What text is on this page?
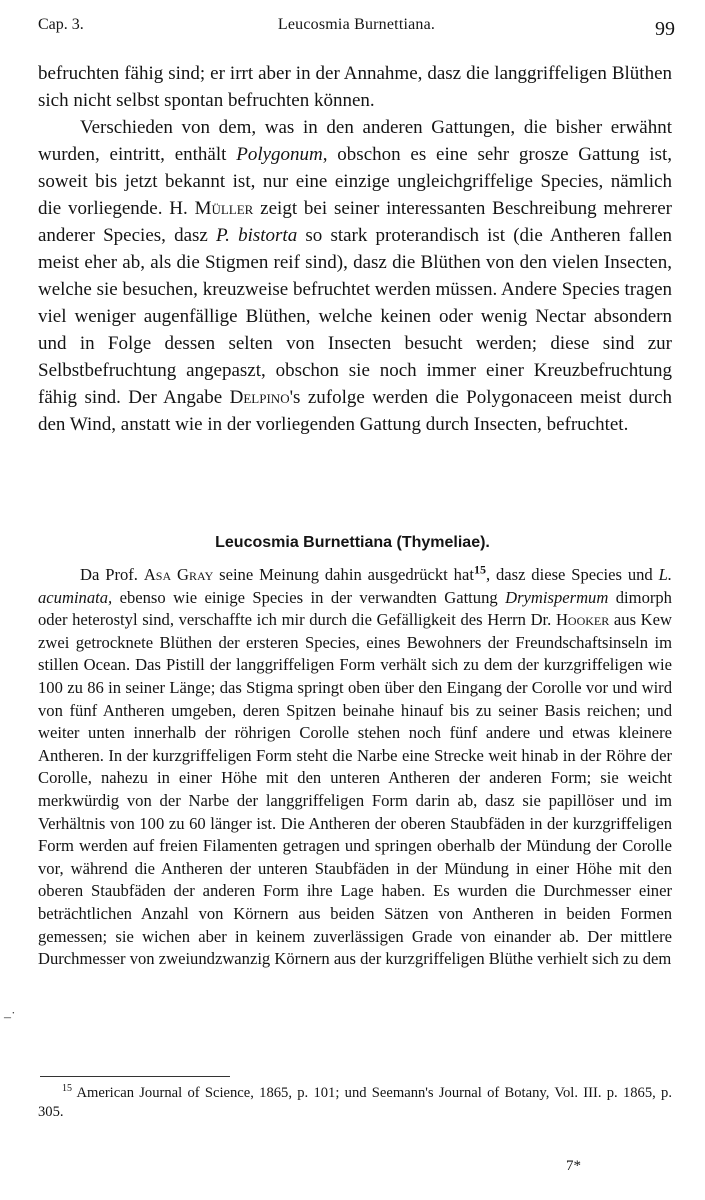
Cap. 3.	Leucosmia Burnettiana.	99

befruchten fähig sind; er irrt aber in der Annahme, dasz die langgriffeligen Blüthen sich nicht selbst spontan befruchten können.

Verschieden von dem, was in den anderen Gattungen, die bisher erwähnt wurden, eintritt, enthält Polygonum, obschon es eine sehr grosze Gattung ist, soweit bis jetzt bekannt ist, nur eine einzige ungleichgriffelige Species, nämlich die vorliegende. H. Müller zeigt bei seiner interessanten Beschreibung mehrerer anderer Species, dasz P. bistorta so stark proterandisch ist (die Antheren fallen meist eher ab, als die Stigmen reif sind), dasz die Blüthen von den vielen Insecten, welche sie besuchen, kreuzweise befruchtet werden müssen. Andere Species tragen viel weniger augenfällige Blüthen, welche keinen oder wenig Nectar absondern und in Folge dessen selten von Insecten besucht werden; diese sind zur Selbstbefruchtung angepaszt, obschon sie noch immer einer Kreuzbefruchtung fähig sind. Der Angabe Delpino's zufolge werden die Polygonaceen meist durch den Wind, anstatt wie in der vorliegenden Gattung durch Insecten, befruchtet.

Leucosmia Burnettiana (Thymeliae).

Da Prof. Asa Gray seine Meinung dahin ausgedrückt hat$^{15}$, dasz diese Species und L. acuminata, ebenso wie einige Species in der verwandten Gattung Drymispermum dimorph oder heterostyl sind, verschaffte ich mir durch die Gefälligkeit des Herrn Dr. Hooker aus Kew zwei getrocknete Blüthen der ersteren Species, eines Bewohners der Freundschaftsinseln im stillen Ocean. Das Pistill der langgriffeligen Form verhält sich zu dem der kurzgriffeligen wie 100 zu 86 in seiner Länge; das Stigma springt oben über den Eingang der Corolle vor und wird von fünf Antheren umgeben, deren Spitzen beinahe hinauf bis zu seiner Basis reichen; und weiter unten innerhalb der röhrigen Corolle stehen noch fünf andere und etwas kleinere Antheren. In der kurzgriffeligen Form steht die Narbe eine Strecke weit hinab in der Röhre der Corolle, nahezu in einer Höhe mit den unteren Antheren der anderen Form; sie weicht merkwürdig von der Narbe der langgriffeligen Form darin ab, dasz sie papillöser und im Verhältnis von 100 zu 60 länger ist. Die Antheren der oberen Staubfäden in der kurzgriffeligen Form werden auf freien Filamenten getragen und springen oberhalb der Mündung der Corolle vor, während die Antheren der unteren Staubfäden in der Mündung in einer Höhe mit den oberen Staubfäden der anderen Form ihre Lage haben. Es wurden die Durchmesser einer beträchtlichen Anzahl von Körnern aus beiden Sätzen von Antheren in beiden Formen gemessen; sie wichen aber in keinem zuverlässigen Grade von einander ab. Der mittlere Durchmesser von zweiundzwanzig Körnern aus der kurzgriffeligen Blüthe verhielt sich zu dem

$^{15}$ American Journal of Science, 1865, p. 101; und Seemann's Journal of Botany, Vol. III. p. 1865, p. 305.

7*
–˙
